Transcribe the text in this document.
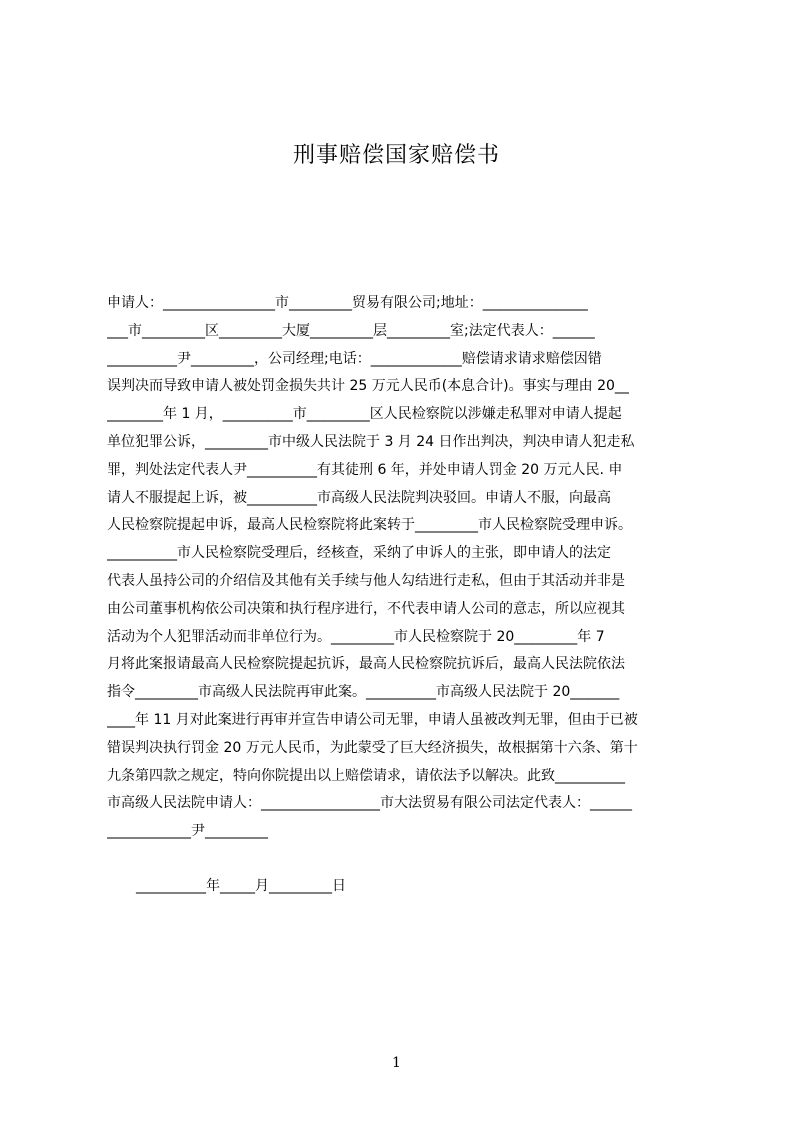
刑事赔偿国家赔偿书
申请人：________________市_________贸易有限公司;地址：_______________
___市_________区_________大厦_________层_________室;法定代表人：______
__________尹_________，公司经理;电话：_____________赔偿请求请求赔偿因错
误判决而导致申请人被处罚金损失共计 25 万元人民币(本息合计)。事实与理由 20__
________年 1 月，__________市_________区人民检察院以涉嫌走私罪对申请人提起
单位犯罪公诉，_________市中级人民法院于 3 月 24 日作出判决，判决申请人犯走私
罪，判处法定代表人尹__________有其徒刑 6 年，并处申请人罚金 20 万元人民. 申
请人不服提起上诉，被__________市高级人民法院判决驳回。申请人不服，向最高
人民检察院提起申诉，最高人民检察院将此案转于_________市人民检察院受理申诉。
__________市人民检察院受理后，经核查，采纳了申诉人的主张，即申请人的法定
代表人虽持公司的介绍信及其他有关手续与他人勾结进行走私，但由于其活动并非是
由公司董事机构依公司决策和执行程序进行，不代表申请人公司的意志，所以应视其
活动为个人犯罪活动而非单位行为。_________市人民检察院于 20_________年 7
月将此案报请最高人民检察院提起抗诉，最高人民检察院抗诉后，最高人民法院依法
指令_________市高级人民法院再审此案。__________市高级人民法院于 20_______
____年 11 月对此案进行再审并宣告申请公司无罪，申请人虽被改判无罪，但由于已被
错误判决执行罚金 20 万元人民币，为此蒙受了巨大经济损失，故根据第十六条、第十
九条第四款之规定，特向你院提出以上赔偿请求，请依法予以解决。此致__________
市高级人民法院申请人：_________________市大法贸易有限公司法定代表人：______
____________尹_________
__________年_____月_________日
1
